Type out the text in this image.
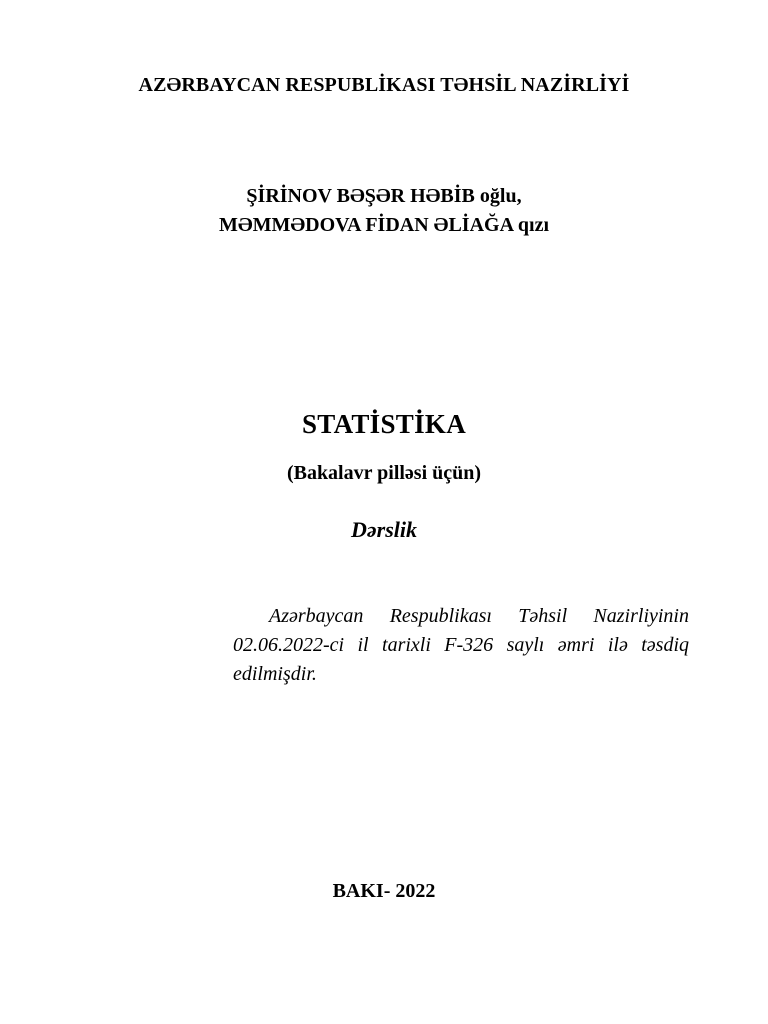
AZƏRBAYCAN RESPUBLİKASI TƏHSİL NAZİRLİYİ
ŞİRİNOV BƏŞƏR HƏBİB oğlu,
MƏMMƏDOVA FİDAN ƏLİAĞA qızı
STATİSTİKA
(Bakalavr pilləsi üçün)
Dərslik
Azərbaycan Respublikası Təhsil Nazirliyinin 02.06.2022-ci il tarixli F-326 saylı əmri ilə təsdiq edilmişdir.
BAKI- 2022
